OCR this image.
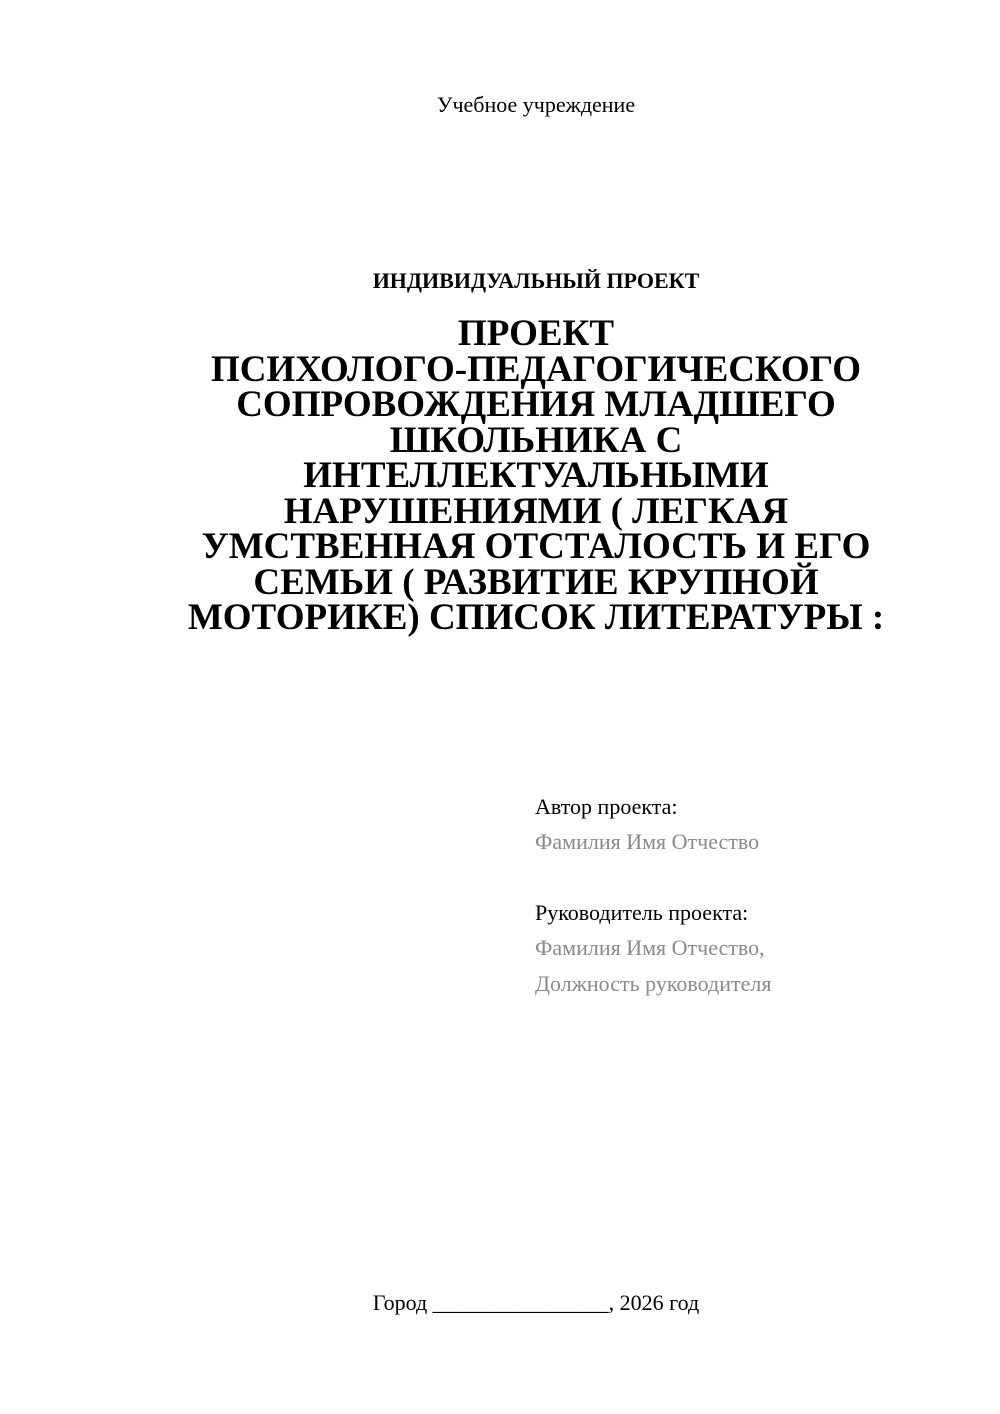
Учебное учреждение
ИНДИВИДУАЛЬНЫЙ ПРОЕКТ
ПРОЕКТ
ПСИХОЛОГО-ПЕДАГОГИЧЕСКОГО
СОПРОВОЖДЕНИЯ МЛАДШЕГО
ШКОЛЬНИКА С
ИНТЕЛЛЕКТУАЛЬНЫМИ
НАРУШЕНИЯМИ ( ЛЕГКАЯ
УМСТВЕННАЯ ОТСТАЛОСТЬ И ЕГО
СЕМЬИ ( РАЗВИТИЕ КРУПНОЙ
МОТОРИКЕ) СПИСОК ЛИТЕРАТУРЫ :
Автор проекта:
Фамилия Имя Отчество
Руководитель проекта:
Фамилия Имя Отчество,
Должность руководителя
Город ________________, 2026 год
